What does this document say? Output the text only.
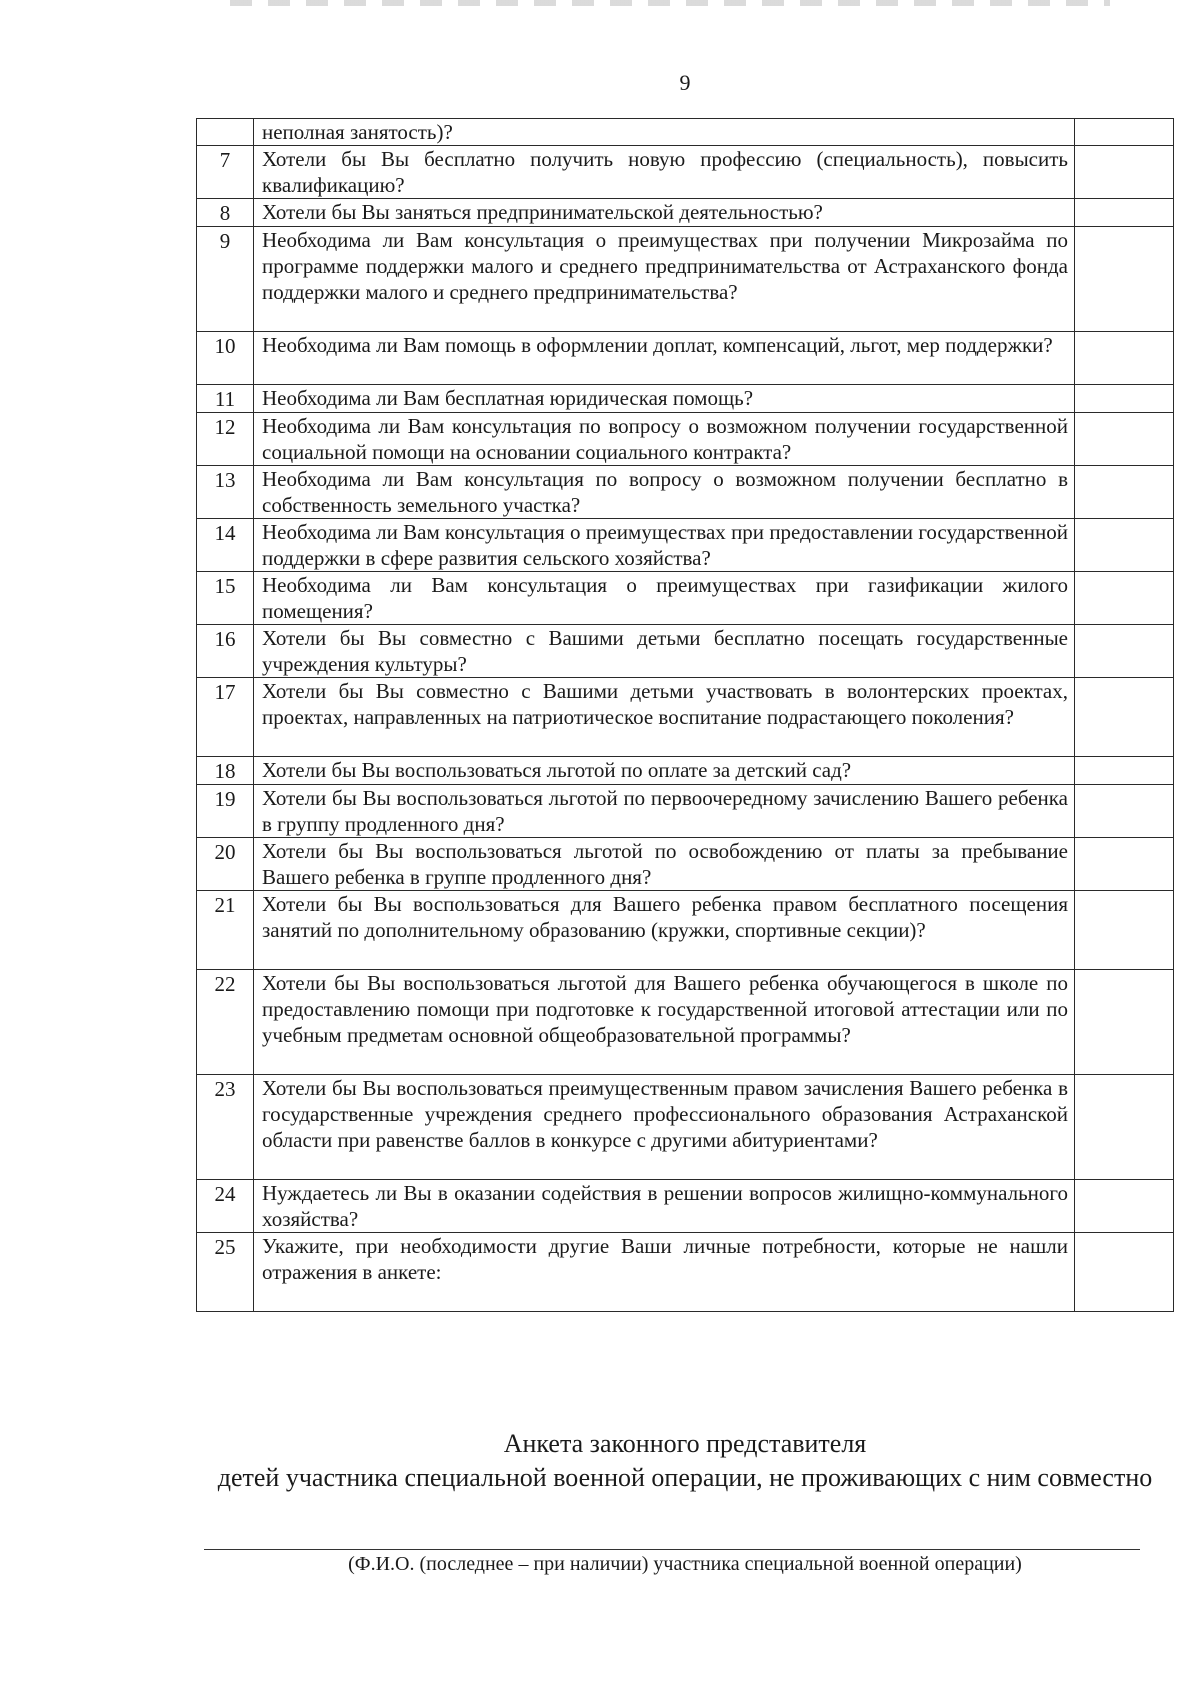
9
	неполная занятость)?	
7	Хотели бы Вы бесплатно получить новую профессию (специальность), повысить квалификацию?	
8	Хотели бы Вы заняться предпринимательской деятельностью?	
9	Необходима ли Вам консультация о преимуществах при получении Микрозайма по программе поддержки малого и среднего предпринимательства от Астраханского фонда поддержки малого и среднего предпринимательства?	
10	Необходима ли Вам помощь в оформлении доплат, компенсаций, льгот, мер поддержки?	
11	Необходима ли Вам бесплатная юридическая помощь?	
12	Необходима ли Вам консультация по вопросу о возможном получении государственной социальной помощи на основании социального контракта?	
13	Необходима ли Вам консультация по вопросу о возможном получении бесплатно в собственность земельного участка?	
14	Необходима ли Вам консультация о преимуществах при предоставлении государственной поддержки в сфере развития сельского хозяйства?	
15	Необходима ли Вам консультация о преимуществах при газификации жилого помещения?	
16	Хотели бы Вы совместно с Вашими детьми бесплатно посещать государственные учреждения культуры?	
17	Хотели бы Вы совместно с Вашими детьми участвовать в волонтерских проектах, проектах, направленных на патриотическое воспитание подрастающего поколения?	
18	Хотели бы Вы воспользоваться льготой по оплате за детский сад?	
19	Хотели бы Вы воспользоваться льготой по первоочередному зачислению Вашего ребенка в группу продленного дня?	
20	Хотели бы Вы воспользоваться льготой по освобождению от платы за пребывание Вашего ребенка в группе продленного дня?	
21	Хотели бы Вы воспользоваться для Вашего ребенка правом бесплатного посещения занятий по дополнительному образованию (кружки, спортивные секции)?	
22	Хотели бы Вы воспользоваться льготой для Вашего ребенка обучающегося в школе по предоставлению помощи при подготовке к государственной итоговой аттестации или по учебным предметам основной общеобразовательной программы?	
23	Хотели бы Вы воспользоваться преимущественным правом зачисления Вашего ребенка в государственные учреждения среднего профессионального образования Астраханской области при равенстве баллов в конкурсе с другими абитуриентами?	
24	Нуждаетесь ли Вы в оказании содействия в решении вопросов жилищно-коммунального хозяйства?	
25	Укажите, при необходимости другие Ваши личные потребности, которые не нашли отражения в анкете:	
Анкета законного представителя
детей участника специальной военной операции, не проживающих с ним совместно
(Ф.И.О. (последнее – при наличии) участника специальной военной операции)
